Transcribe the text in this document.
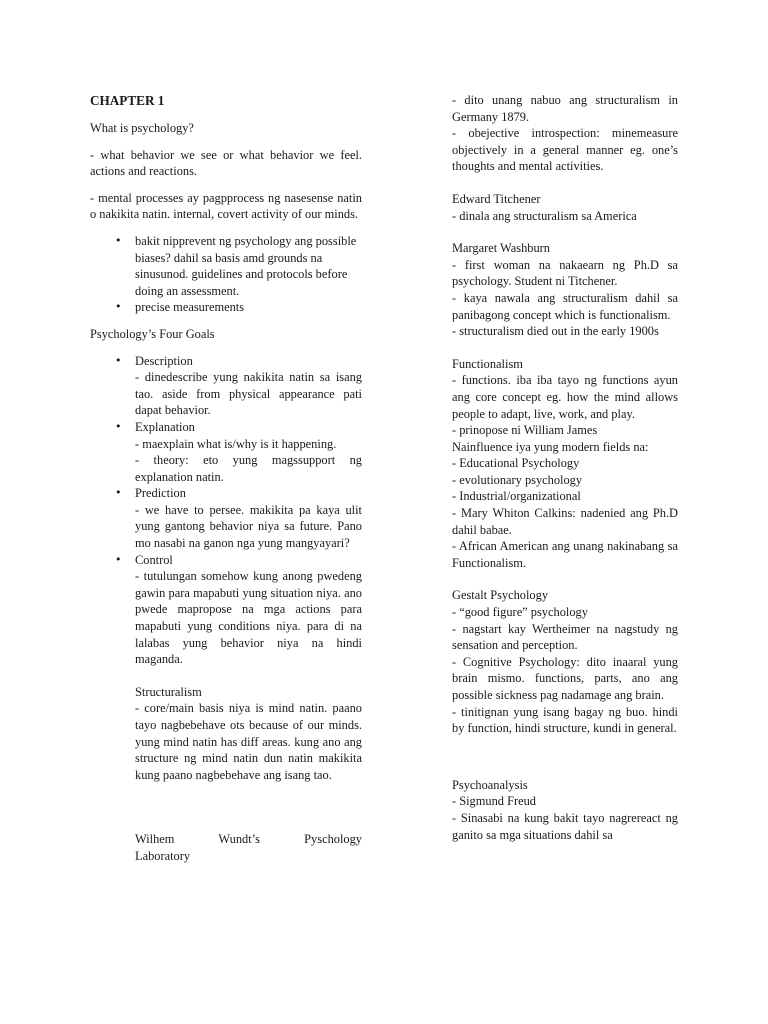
CHAPTER 1

What is psychology?

- what behavior we see or what behavior we feel. actions and reactions.

- mental processes ay pagpprocess ng nasesense natin o nakikita natin. internal, covert activity of our minds.

• bakit nipprevent ng psychology ang possible biases? dahil sa basis amd grounds na sinusunod. guidelines and protocols before doing an assessment.
• precise measurements

Psychology’s Four Goals

• Description

- dinedescribe yung nakikita natin sa isang tao. aside from physical appearance pati dapat behavior.

• Explanation

- maexplain what is/why is it happening.

- theory: eto yung magssupport ng explanation natin.

• Prediction

- we have to persee. makikita pa kaya ulit yung gantong behavior niya sa future. Pano mo nasabi na ganon nga yung mangyayari?

• Control

- tutulungan somehow kung anong pwedeng gawin para mapabuti yung situation niya. ano pwede mapropose na mga actions para mapabuti yung conditions niya. para di na lalabas yung behavior niya na hindi maganda.

Structuralism

- core/main basis niya is mind natin. paano tayo nagbebehave ots because of our minds. yung mind natin has diff areas. kung ano ang structure ng mind natin dun natin makikita kung paano nagbebehave ang isang tao.

Wilhem Wundt’s Pyschology
Laboratory

- dito unang nabuo ang structuralism in Germany 1879.

- obejective introspection: minemeasure objectively in a general manner eg. one’s thoughts and mental activities.

Edward Titchener

- dinala ang structuralism sa America

Margaret Washburn

- first woman na nakaearn ng Ph.D sa psychology. Student ni Titchener.

- kaya nawala ang structuralism dahil sa panibagong concept which is functionalism.

- structuralism died out in the early 1900s

Functionalism

- functions. iba iba tayo ng functions ayun ang core concept eg. how the mind allows people to adapt, live, work, and play.

- prinopose ni William James

Nainfluence iya yung modern fields na:

- Educational Psychology

- evolutionary psychology

- Industrial/organizational

- Mary Whiton Calkins: nadenied ang Ph.D dahil babae.

- African American ang unang nakinabang sa Functionalism.

Gestalt Psychology

- “good figure” psychology

- nagstart kay Wertheimer na nagstudy ng sensation and perception.

- Cognitive Psychology: dito inaaral yung brain mismo. functions, parts, ano ang possible sickness pag nadamage ang brain.

- tinitignan yung isang bagay ng buo. hindi by function, hindi structure, kundi in general.

Psychoanalysis

- Sigmund Freud

- Sinasabi na kung bakit tayo nagrereact ng ganito sa mga situations dahil sa
